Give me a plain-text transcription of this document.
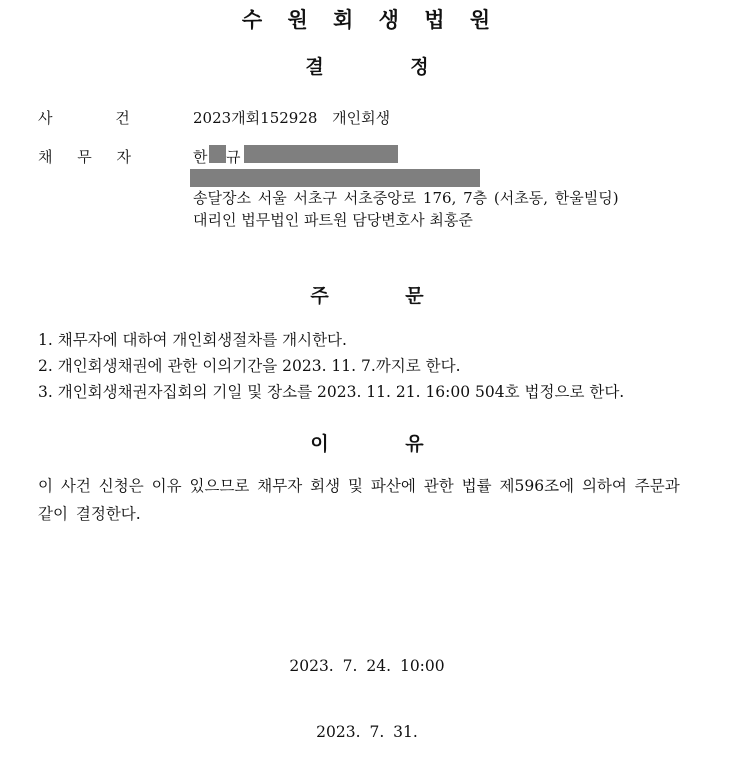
수 원 회 생 법 원
결 정
사 건	2023개회152928 개인회생
채 무 자	한 규
송달장소 서울 서초구 서초중앙로 176, 7층 (서초동, 한울빌딩)
대리인 법무법인 파트원 담당변호사 최홍준
주 문
1. 채무자에 대하여 개인회생절차를 개시한다.
2. 개인회생채권에 관한 이의기간을 2023. 11. 7.까지로 한다.
3. 개인회생채권자집회의 기일 및 장소를 2023. 11. 21. 16:00 504호 법정으로 한다.
이 유
이 사건 신청은 이유 있으므로 채무자 회생 및 파산에 관한 법률 제596조에 의하여 주문과 같이 결정한다.
2023. 7. 24. 10:00
2023. 7. 31.
